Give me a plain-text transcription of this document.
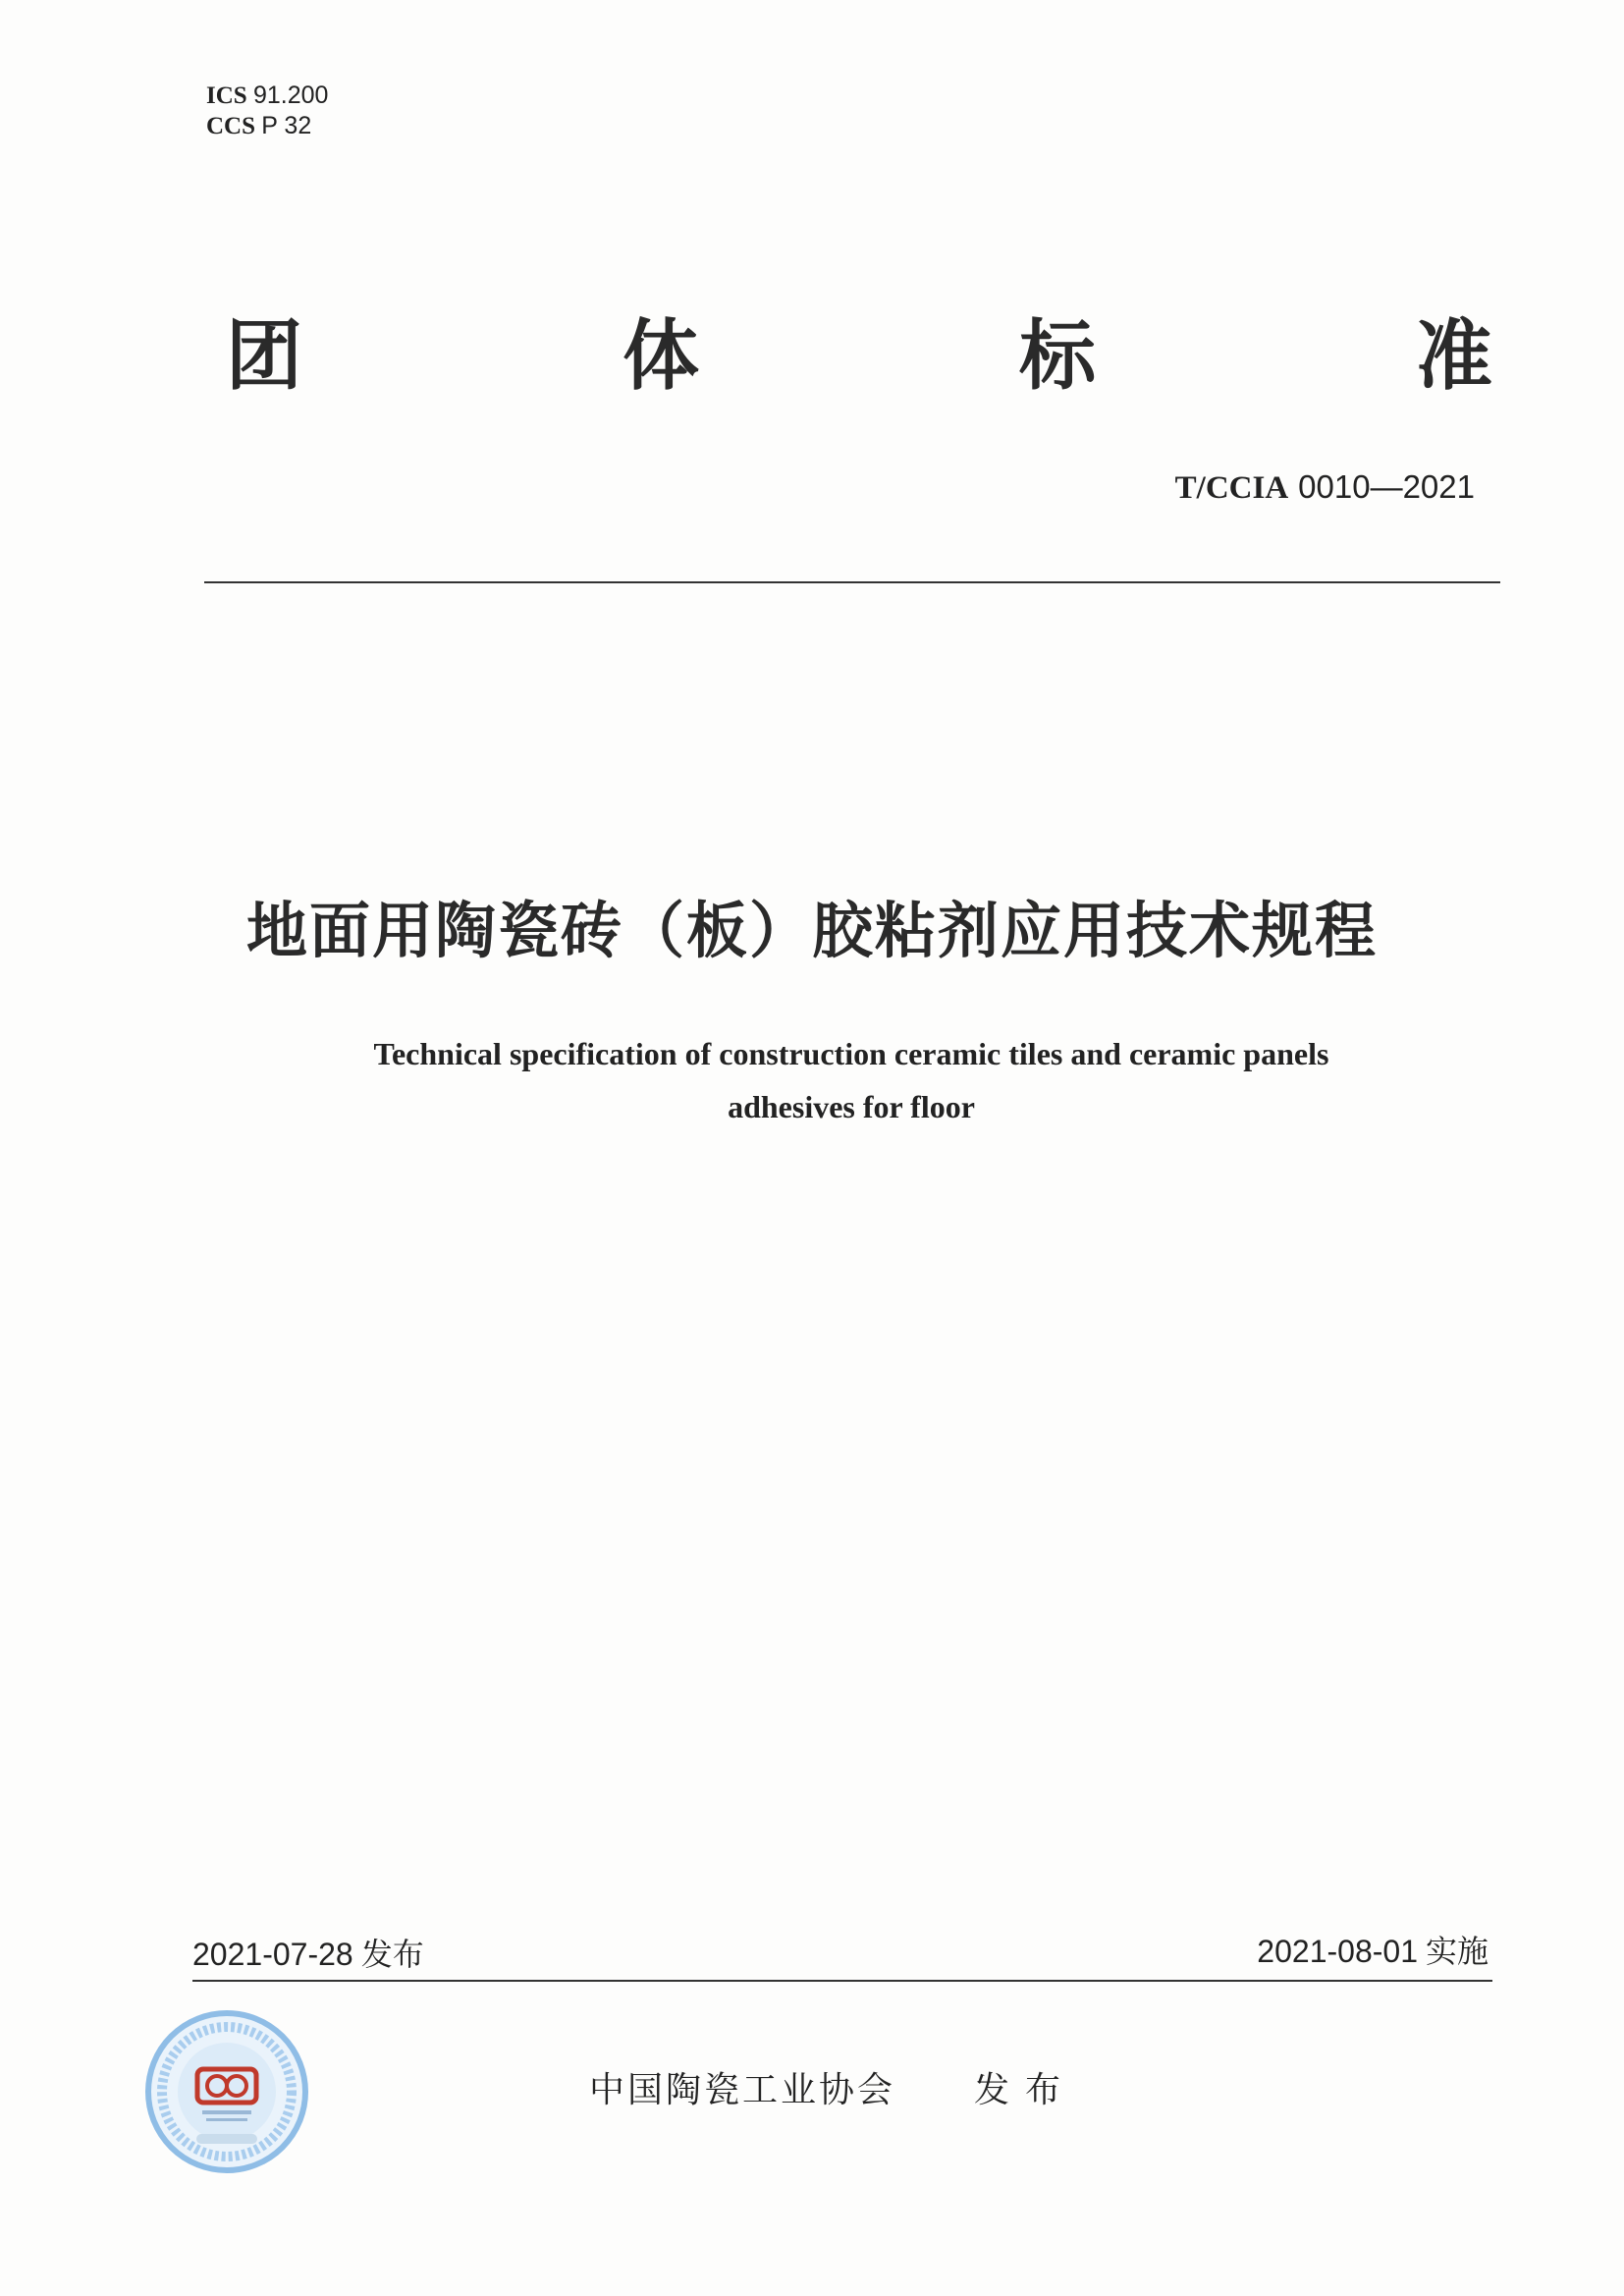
ICS 91.200
CCS P 32
团	体	标	准
T/CCIA 0010—2021
地面用陶瓷砖（板）胶粘剂应用技术规程
Technical specification of construction ceramic tiles and ceramic panels
adhesives for floor
2021-07-28 发布	2021-08-01 实施
中国陶瓷工业协会 发布
